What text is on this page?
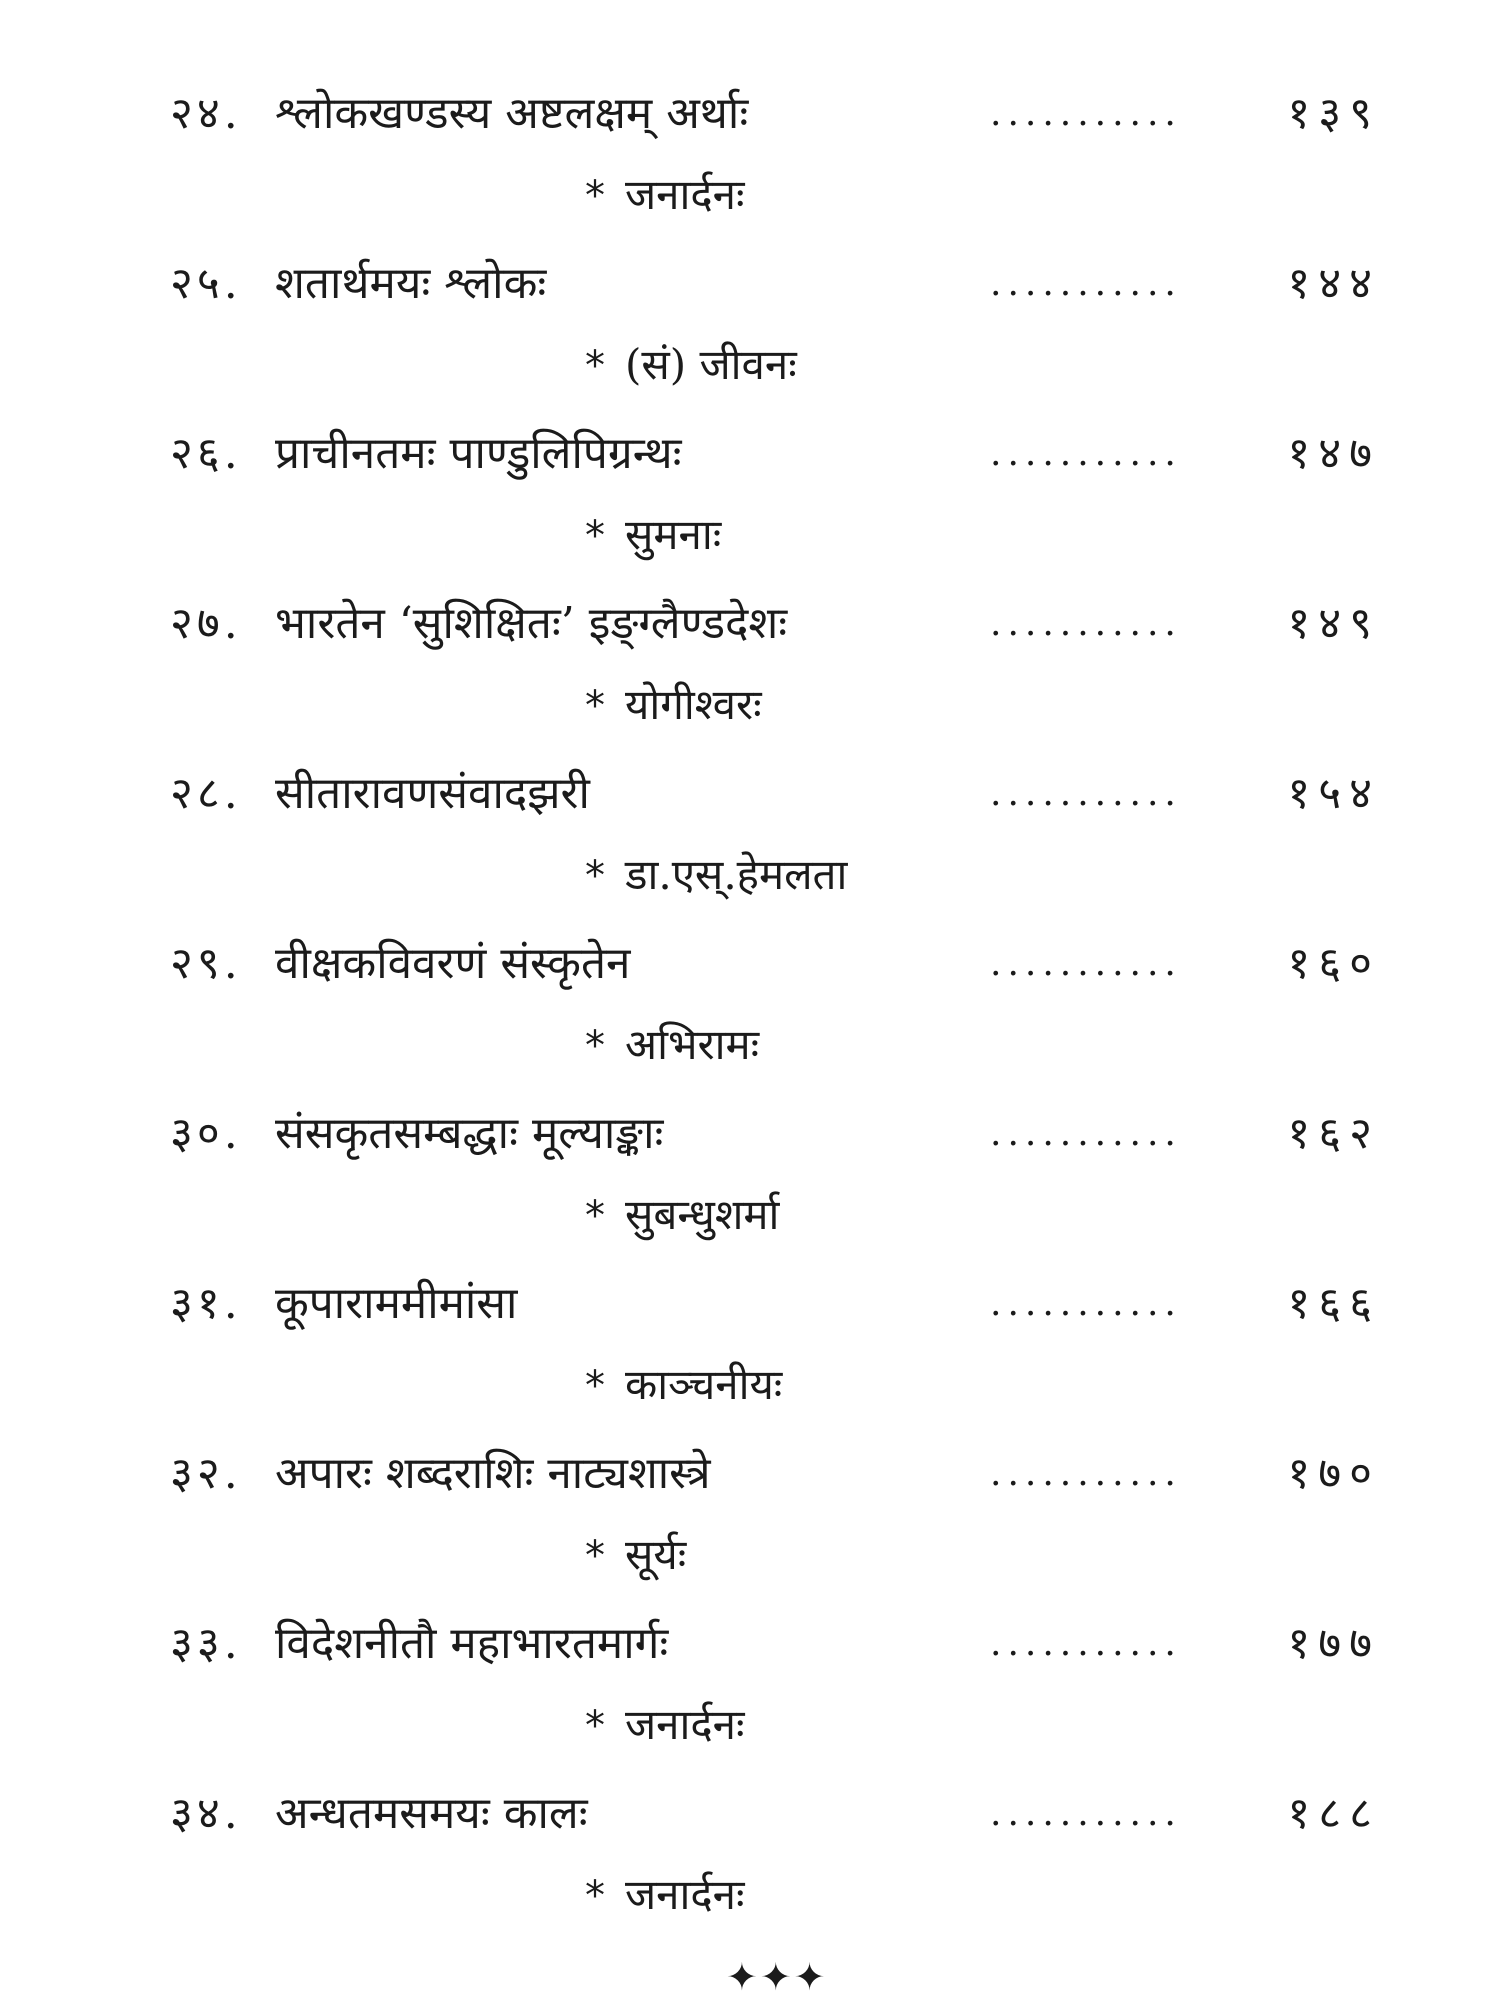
२४. श्लोकखण्डस्य अष्टलक्षम् अर्थाः	........... १३९
* जनार्दनः
२५. शतार्थमयः श्लोकः	........... १४४
* (सं) जीवनः
२६. प्राचीनतमः पाण्डुलिपिग्रन्थः	........... १४७
* सुमनाः
२७. भारतेन ‘सुशिक्षितः’ इङ्ग्लैण्डदेशः	........... १४९
* योगीश्वरः
२८. सीतारावणसंवादझरी	........... १५४
* डा.एस्.हेमलता
२९. वीक्षकविवरणं संस्कृतेन	........... १६०
* अभिरामः
३०. संसकृतसम्बद्धाः मूल्याङ्काः	........... १६२
* सुबन्धुशर्मा
३१. कूपाराममीमांसा	........... १६६
* काञ्चनीयः
३२. अपारः शब्दराशिः नाट्यशास्त्रे	........... १७०
* सूर्यः
३३. विदेशनीतौ महाभारतमार्गः	........... १७७
* जनार्दनः
३४. अन्धतमसमयः कालः	........... १८८
* जनार्दनः
✦✦✦
